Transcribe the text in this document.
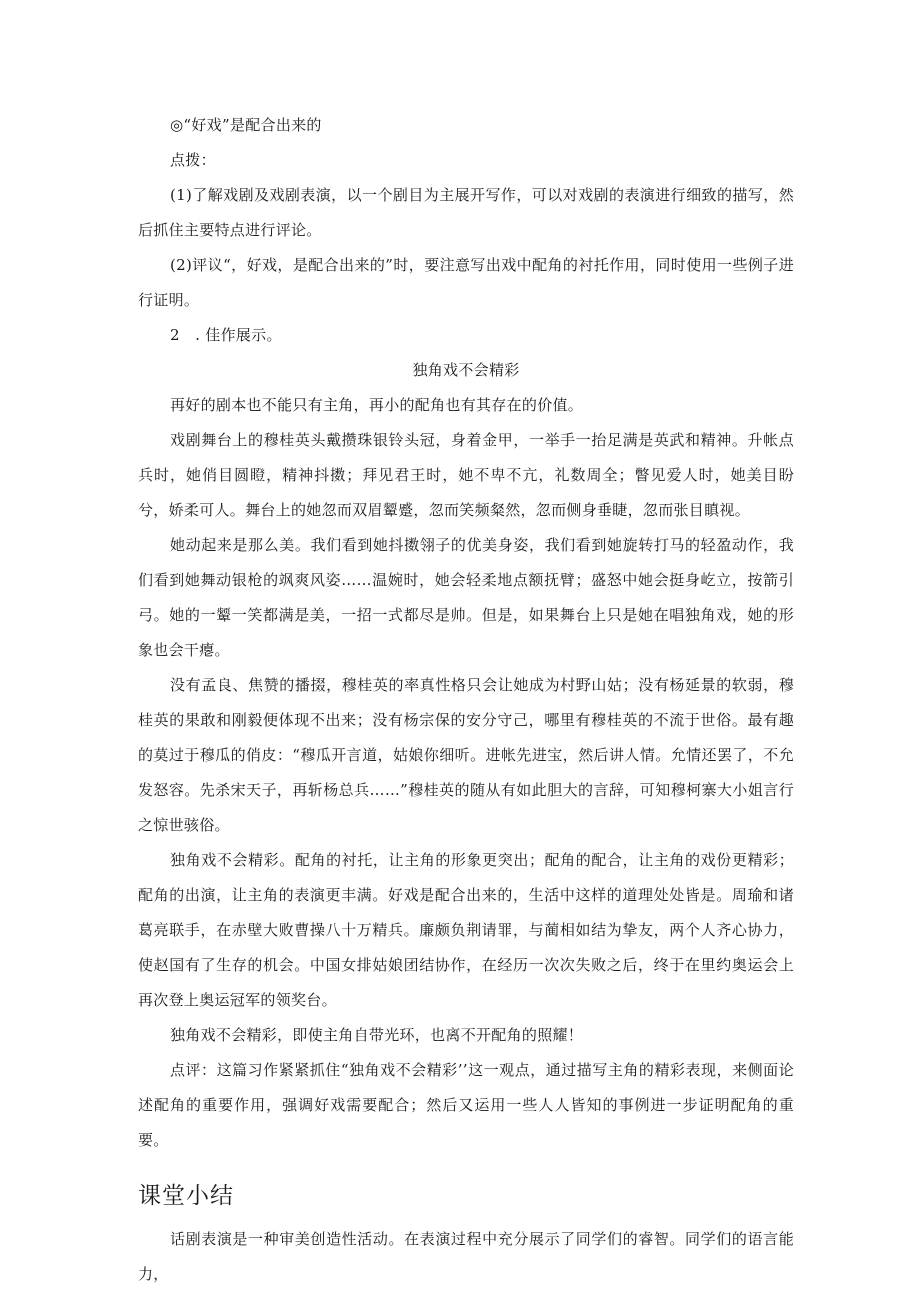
◎“好戏”是配合出来的

点拨：

(1)了解戏剧及戏剧表演，以一个剧目为主展开写作，可以对戏剧的表演进行细致的描写，然后抓住主要特点进行评论。

(2)评议“，好戏，是配合出来的”时，要注意写出戏中配角的衬托作用，同时使用一些例子进行证明。

2　. 佳作展示。

独角戏不会精彩

再好的剧本也不能只有主角，再小的配角也有其存在的价值。

戏剧舞台上的穆桂英头戴攒珠银铃头冠，身着金甲，一举手一抬足满是英武和精神。升帐点兵时，她俏目圆瞪，精神抖擞；拜见君王时，她不卑不亢，礼数周全；瞥见爱人时，她美目盼兮，娇柔可人。舞台上的她忽而双眉颦蹙，忽而笑频粲然，忽而侧身垂睫，忽而张目瞋视。

她动起来是那么美。我们看到她抖擞翎子的优美身姿，我们看到她旋转打马的轻盈动作，我们看到她舞动银枪的飒爽风姿……温婉时，她会轻柔地点额抚臂；盛怒中她会挺身屹立，按箭引弓。她的一颦一笑都满是美，一招一式都尽是帅。但是，如果舞台上只是她在唱独角戏，她的形象也会干瘪。

没有孟良、焦赞的播掇，穆桂英的率真性格只会让她成为村野山姑；没有杨延景的软弱，穆桂英的果敢和刚毅便体现不出来；没有杨宗保的安分守己，哪里有穆桂英的不流于世俗。最有趣的莫过于穆瓜的俏皮：“穆瓜开言道，姑娘你细听。进帐先进宝，然后讲人情。允情还罢了，不允发怒容。先杀宋天子，再斩杨总兵……”穆桂英的随从有如此胆大的言辞，可知穆柯寨大小姐言行之惊世骇俗。

独角戏不会精彩。配角的衬托，让主角的形象更突出；配角的配合，让主角的戏份更精彩；配角的出演，让主角的表演更丰满。好戏是配合出来的，生活中这样的道理处处皆是。周瑜和诸葛亮联手，在赤壁大败曹操八十万精兵。廉颇负荆请罪，与蔺相如结为挚友，两个人齐心协力，使赵国有了生存的机会。中国女排姑娘团结协作，在经历一次次失败之后，终于在里约奥运会上再次登上奥运冠军的领奖台。

独角戏不会精彩，即使主角自带光环，也离不开配角的照耀！

点评：这篇习作紧紧抓住“独角戏不会精彩’’这一观点，通过描写主角的精彩表现，来侧面论述配角的重要作用，强调好戏需要配合；然后又运用一些人人皆知的事例进一步证明配角的重要。

课堂小结

话剧表演是一种审美创造性活动。在表演过程中充分展示了同学们的睿智。同学们的语言能力，
